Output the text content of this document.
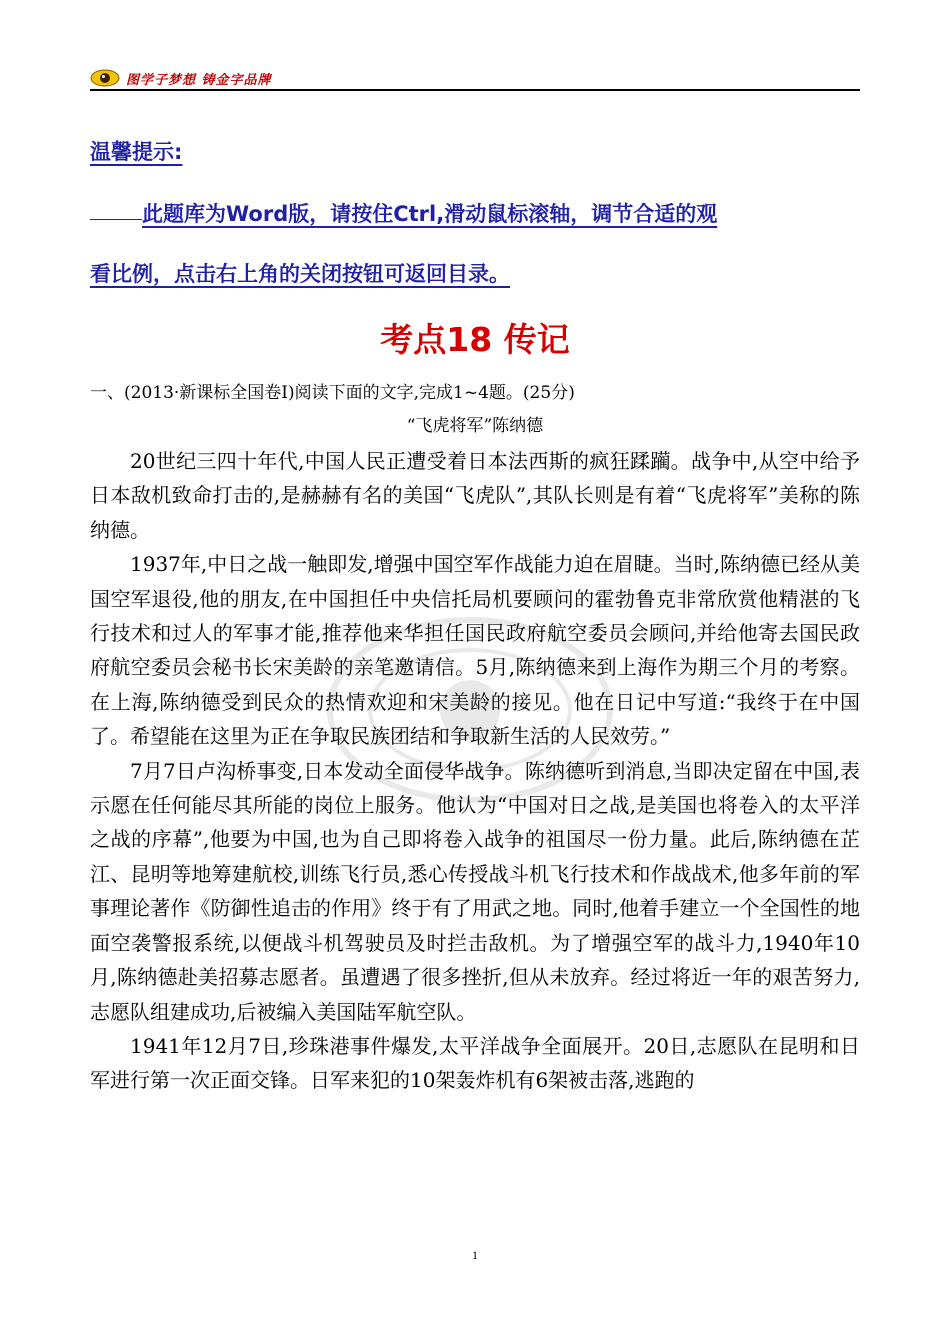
图学子梦想 铸金字品牌
温馨提示:
此题库为Word版，请按住Ctrl,滑动鼠标滚轴，调节合适的观
看比例，点击右上角的关闭按钮可返回目录。
考点18 传记
一、(2013·新课标全国卷Ⅰ)阅读下面的文字,完成1~4题。(25分)
“飞虎将军”陈纳德

20世纪三四十年代,中国人民正遭受着日本法西斯的疯狂蹂躏。战争中,从空中给予日本敌机致命打击的,是赫赫有名的美国“飞虎队”,其队长则是有着“飞虎将军”美称的陈纳德。

1937年,中日之战一触即发,增强中国空军作战能力迫在眉睫。当时,陈纳德已经从美国空军退役,他的朋友,在中国担任中央信托局机要顾问的霍勃鲁克非常欣赏他精湛的飞行技术和过人的军事才能,推荐他来华担任国民政府航空委员会顾问,并给他寄去国民政府航空委员会秘书长宋美龄的亲笔邀请信。5月,陈纳德来到上海作为期三个月的考察。在上海,陈纳德受到民众的热情欢迎和宋美龄的接见。他在日记中写道:“我终于在中国了。希望能在这里为正在争取民族团结和争取新生活的人民效劳。”

7月7日卢沟桥事变,日本发动全面侵华战争。陈纳德听到消息,当即决定留在中国,表示愿在任何能尽其所能的岗位上服务。他认为“中国对日之战,是美国也将卷入的太平洋之战的序幕”,他要为中国,也为自己即将卷入战争的祖国尽一份力量。此后,陈纳德在芷江、昆明等地筹建航校,训练飞行员,悉心传授战斗机飞行技术和作战战术,他多年前的军事理论著作《防御性追击的作用》终于有了用武之地。同时,他着手建立一个全国性的地面空袭警报系统,以便战斗机驾驶员及时拦击敌机。为了增强空军的战斗力,1940年10月,陈纳德赴美招募志愿者。虽遭遇了很多挫折,但从未放弃。经过将近一年的艰苦努力,志愿队组建成功,后被编入美国陆军航空队。

1941年12月7日,珍珠港事件爆发,太平洋战争全面展开。20日,志愿队在昆明和日军进行第一次正面交锋。日军来犯的10架轰炸机有6架被击落,逃跑的

1
